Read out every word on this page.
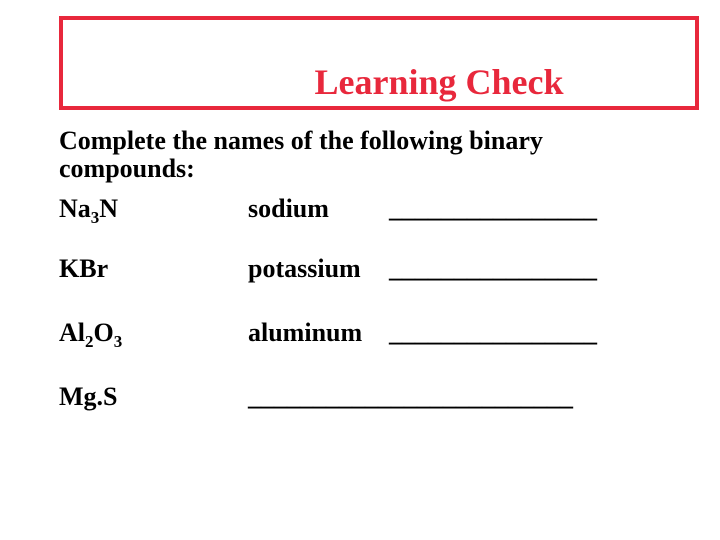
Learning Check
Complete the names of the following binary compounds:
$Na_3N$	sodium ________________
KBr	potassium ________________
$Al_2O_3$	aluminum ________________
Mg.S	_________________________
